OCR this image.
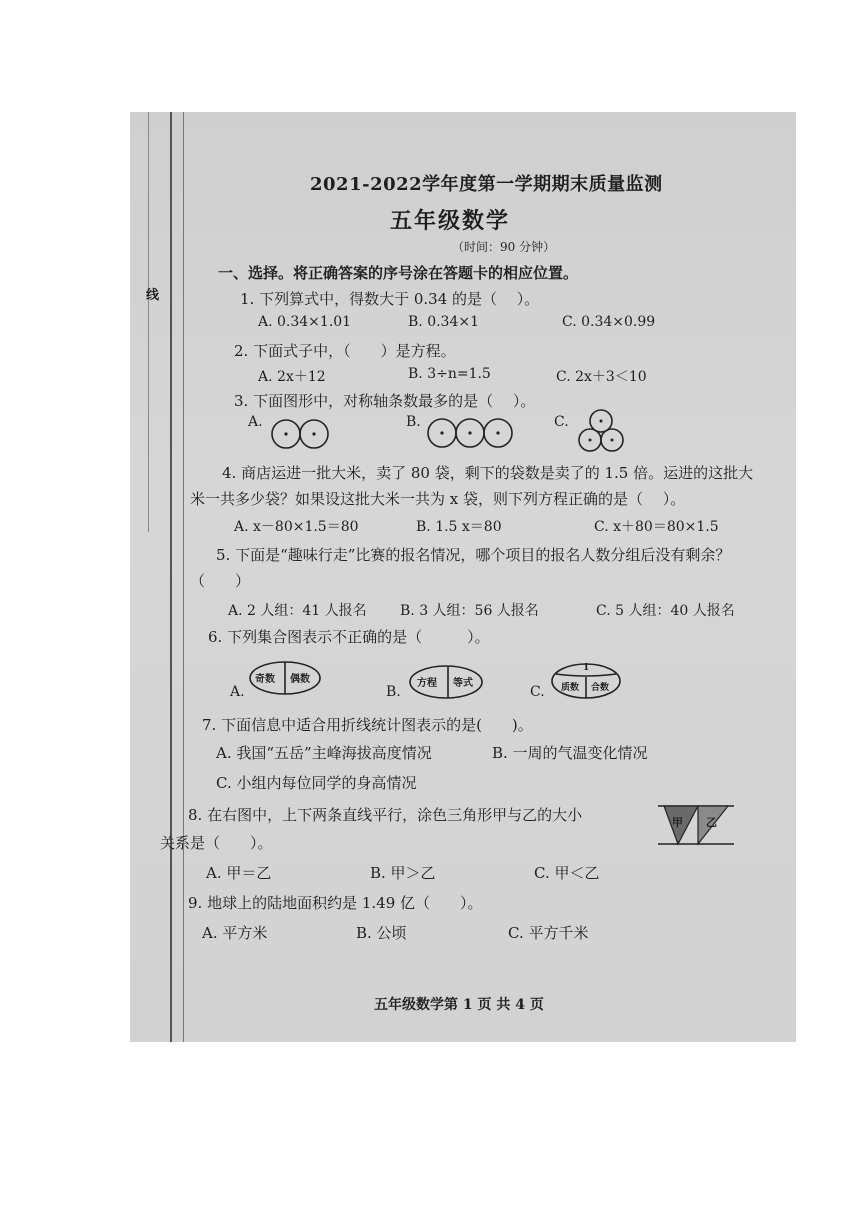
线
2021-2022学年度第一学期期末质量监测
五年级数学
（时间：90 分钟）
一、选择。将正确答案的序号涂在答题卡的相应位置。
1. 下列算式中，得数大于 0.34 的是（　 ）。
A. 0.34×1.01	B. 0.34×1	C. 0.34×0.99
2. 下面式子中，（　　）是方程。
A. 2x＋12	B. 3÷n=1.5	C. 2x＋3＜10
3. 下面图形中，对称轴条数最多的是（　 ）。
A.	B.	C.
4. 商店运进一批大米，卖了 80 袋，剩下的袋数是卖了的 1.5 倍。运进的这批大
米一共多少袋？如果设这批大米一共为 x 袋，则下列方程正确的是（　 ）。
A. x－80×1.5＝80	B. 1.5 x＝80	C. x＋80＝80×1.5
5. 下面是“趣味行走”比赛的报名情况，哪个项目的报名人数分组后没有剩余？
（　　）
A. 2 人组：41 人报名 B. 3 人组：56 人报名	C. 5 人组：40 人报名
6. 下列集合图表示不正确的是（　　　）。
A.	B.	C.
奇数 偶数	方程 等式
1
质数 合数
7. 下面信息中适合用折线统计图表示的是(　　)。
A. 我国“五岳”主峰海拔高度情况	B. 一周的气温变化情况
C. 小组内每位同学的身高情况
8. 在右图中，上下两条直线平行，涂色三角形甲与乙的大小
关系是（　　）。
A. 甲＝乙	B. 甲＞乙	C. 甲＜乙
甲 乙
9. 地球上的陆地面积约是 1.49 亿（　　）。
A. 平方米	B. 公顷	C. 平方千米
五年级数学第 1 页 共 4 页
